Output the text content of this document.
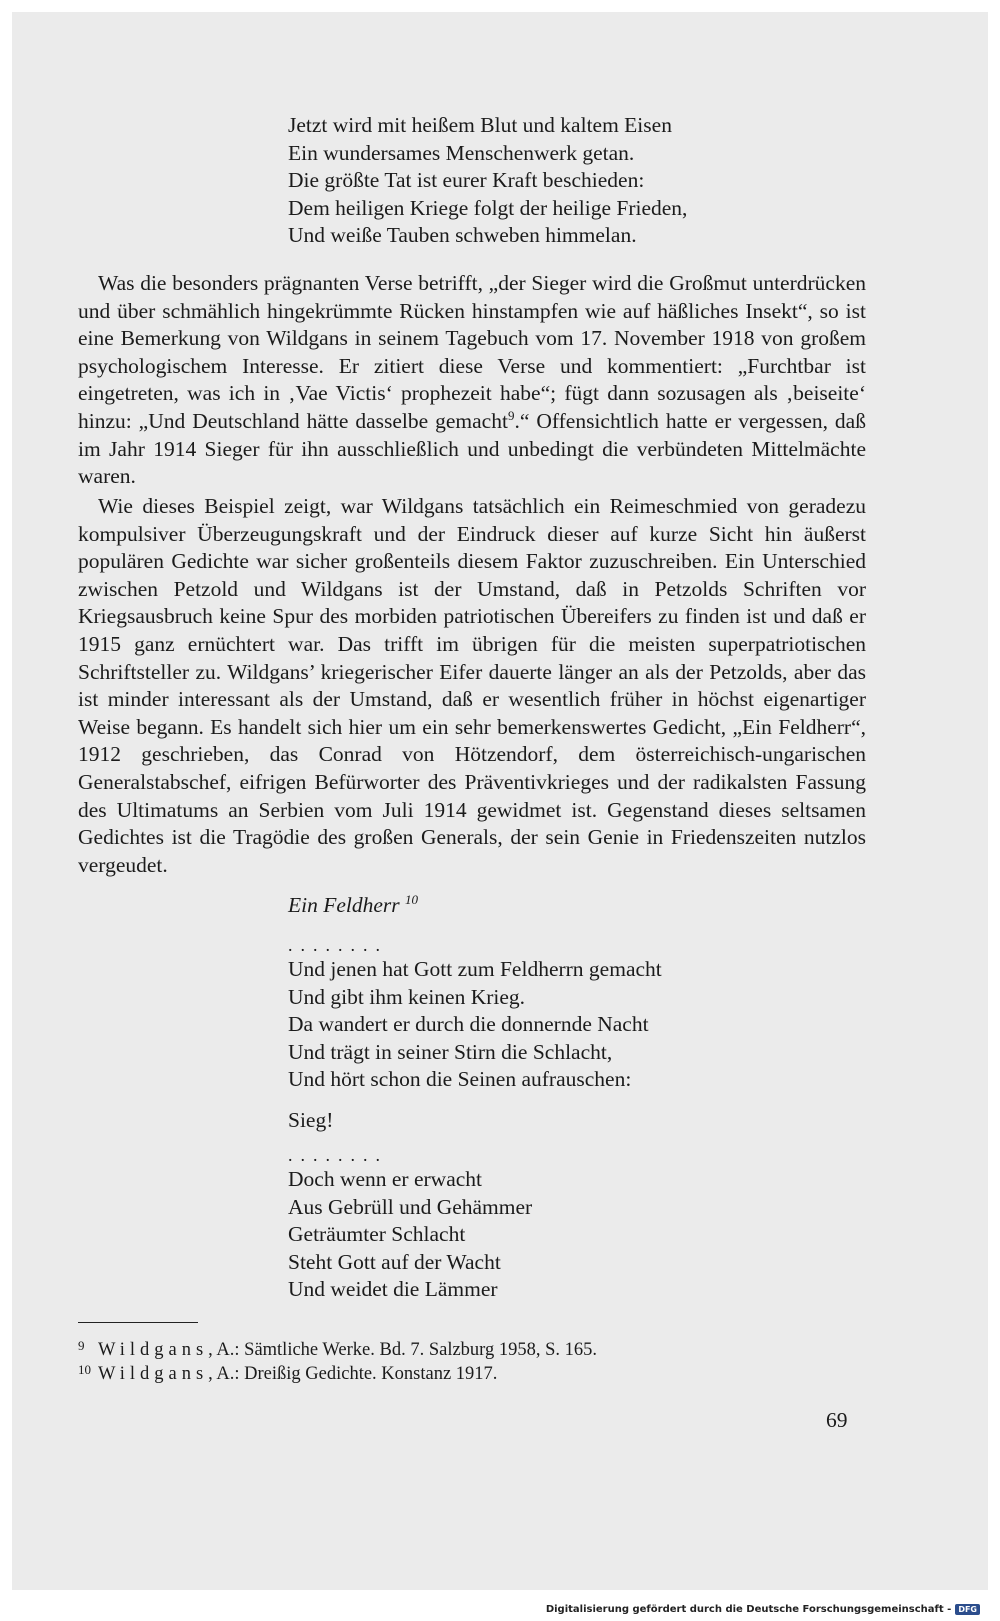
Jetzt wird mit heißem Blut und kaltem Eisen
Ein wundersames Menschenwerk getan.
Die größte Tat ist eurer Kraft beschieden:
Dem heiligen Kriege folgt der heilige Frieden,
Und weiße Tauben schweben himmelan.

Was die besonders prägnanten Verse betrifft, „der Sieger wird die Großmut unterdrücken und über schmählich hingekrümmte Rücken hinstampfen wie auf häßliches Insekt“, so ist eine Bemerkung von Wildgans in seinem Tagebuch vom 17. November 1918 von großem psychologischem Interesse. Er zitiert diese Verse und kommentiert: „Furchtbar ist eingetreten, was ich in ‚Vae Victis‘ prophezeit habe“; fügt dann sozusagen als ‚beiseite‘ hinzu: „Und Deutschland hätte dasselbe gemacht$^9$.“ Offensichtlich hatte er vergessen, daß im Jahr 1914 Sieger für ihn ausschließlich und unbedingt die verbündeten Mittelmächte waren.

Wie dieses Beispiel zeigt, war Wildgans tatsächlich ein Reimeschmied von geradezu kompulsiver Überzeugungskraft und der Eindruck dieser auf kurze Sicht hin äußerst populären Gedichte war sicher großenteils diesem Faktor zuzuschreiben. Ein Unterschied zwischen Petzold und Wildgans ist der Umstand, daß in Petzolds Schriften vor Kriegsausbruch keine Spur des morbiden patriotischen Übereifers zu finden ist und daß er 1915 ganz ernüchtert war. Das trifft im übrigen für die meisten superpatriotischen Schriftsteller zu. Wildgans’ kriegerischer Eifer dauerte länger an als der Petzolds, aber das ist minder interessant als der Umstand, daß er wesentlich früher in höchst eigenartiger Weise begann. Es handelt sich hier um ein sehr bemerkenswertes Gedicht, „Ein Feldherr“, 1912 geschrieben, das Conrad von Hötzendorf, dem österreichisch-ungarischen Generalstabschef, eifrigen Befürworter des Präventivkrieges und der radikalsten Fassung des Ultimatums an Serbien vom Juli 1914 gewidmet ist. Gegenstand dieses seltsamen Gedichtes ist die Tragödie des großen Generals, der sein Genie in Friedenszeiten nutzlos vergeudet.

Ein Feldherr $^{10}$
........
Und jenen hat Gott zum Feldherrn gemacht
Und gibt ihm keinen Krieg.
Da wandert er durch die donnernde Nacht
Und trägt in seiner Stirn die Schlacht,
Und hört schon die Seinen aufrauschen:
Sieg!
........
Doch wenn er erwacht
Aus Gebrüll und Gehämmer
Geträumter Schlacht
Steht Gott auf der Wacht
Und weidet die Lämmer
9 Wildgans, A.: Sämtliche Werke. Bd. 7. Salzburg 1958, S. 165.
10 Wildgans, A.: Dreißig Gedichte. Konstanz 1917.
69
Digitalisierung gefördert durch die Deutsche Forschungsgemeinschaft - DFG
